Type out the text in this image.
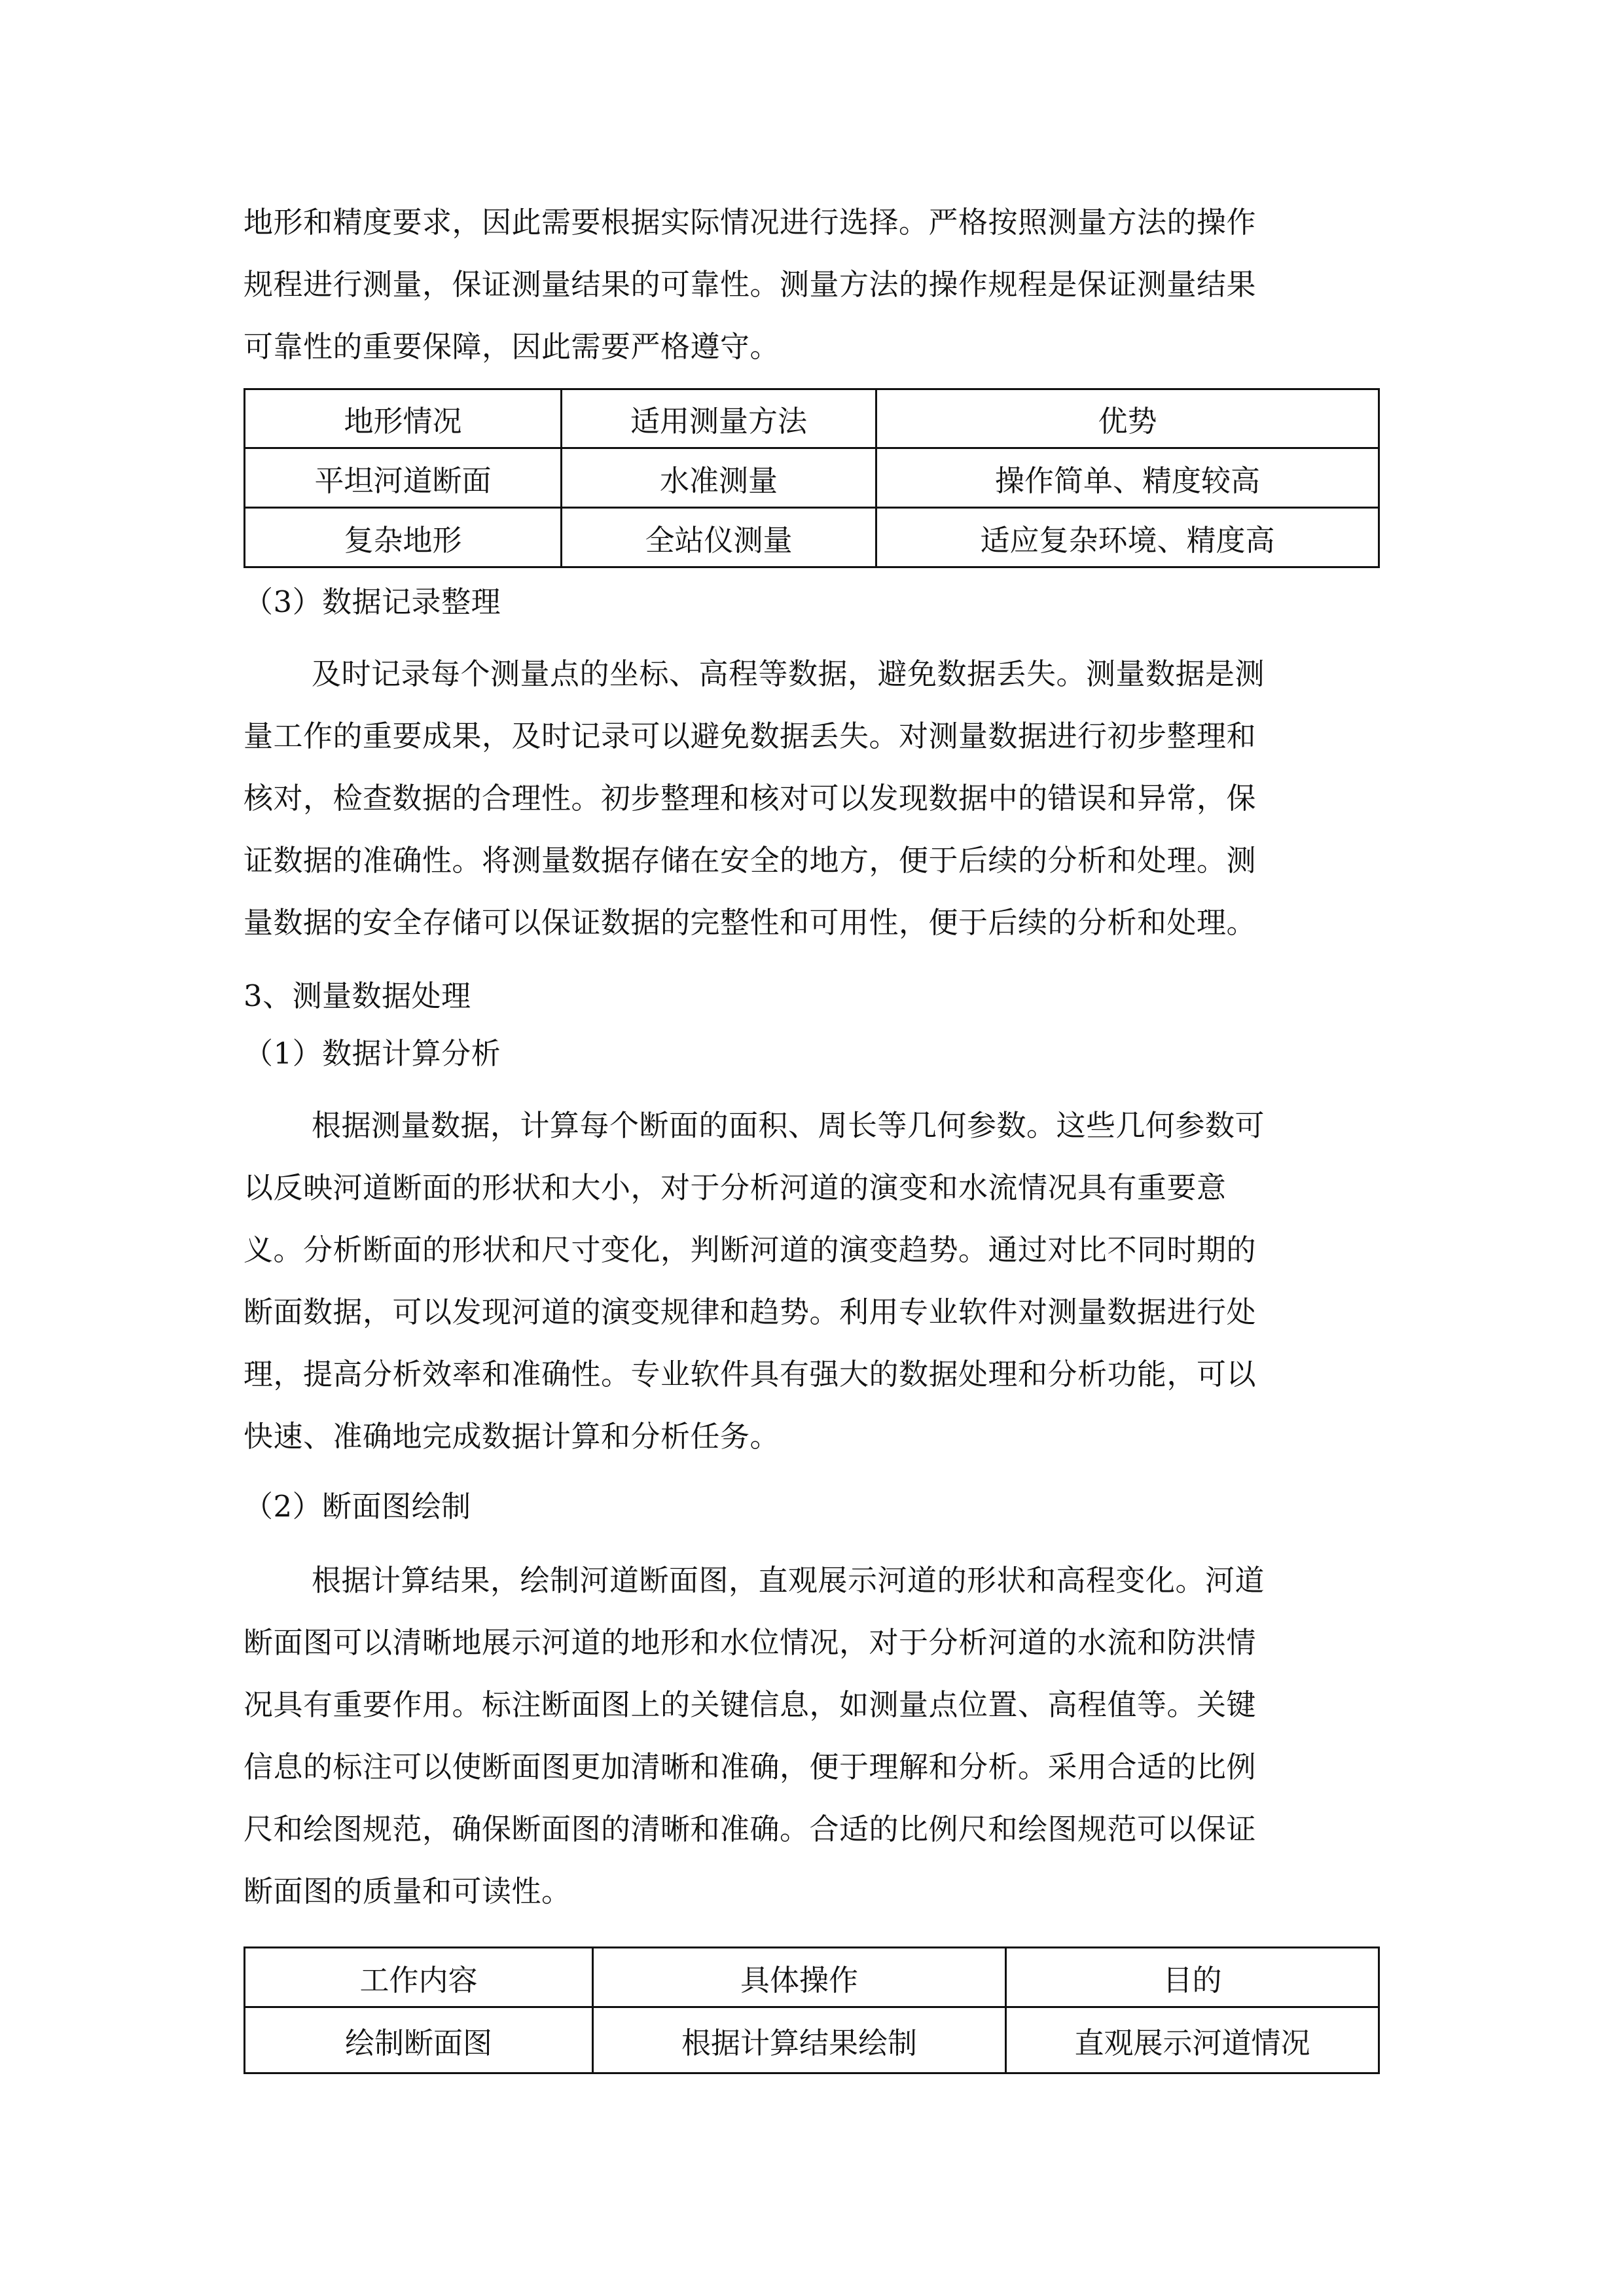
地形和精度要求，因此需要根据实际情况进行选择。严格按照测量方法的操作
规程进行测量，保证测量结果的可靠性。测量方法的操作规程是保证测量结果
可靠性的重要保障，因此需要严格遵守。
地形情况	适用测量方法	优势
平坦河道断面	水准测量	操作简单、精度较高
复杂地形	全站仪测量	适应复杂环境、精度高
（3）数据记录整理
及时记录每个测量点的坐标、高程等数据，避免数据丢失。测量数据是测
量工作的重要成果，及时记录可以避免数据丢失。对测量数据进行初步整理和
核对，检查数据的合理性。初步整理和核对可以发现数据中的错误和异常，保
证数据的准确性。将测量数据存储在安全的地方，便于后续的分析和处理。测
量数据的安全存储可以保证数据的完整性和可用性，便于后续的分析和处理。
3、测量数据处理
（1）数据计算分析
根据测量数据，计算每个断面的面积、周长等几何参数。这些几何参数可
以反映河道断面的形状和大小，对于分析河道的演变和水流情况具有重要意
义。分析断面的形状和尺寸变化，判断河道的演变趋势。通过对比不同时期的
断面数据，可以发现河道的演变规律和趋势。利用专业软件对测量数据进行处
理，提高分析效率和准确性。专业软件具有强大的数据处理和分析功能，可以
快速、准确地完成数据计算和分析任务。
（2）断面图绘制
根据计算结果，绘制河道断面图，直观展示河道的形状和高程变化。河道
断面图可以清晰地展示河道的地形和水位情况，对于分析河道的水流和防洪情
况具有重要作用。标注断面图上的关键信息，如测量点位置、高程值等。关键
信息的标注可以使断面图更加清晰和准确，便于理解和分析。采用合适的比例
尺和绘图规范，确保断面图的清晰和准确。合适的比例尺和绘图规范可以保证
断面图的质量和可读性。
工作内容	具体操作	目的
绘制断面图	根据计算结果绘制	直观展示河道情况
